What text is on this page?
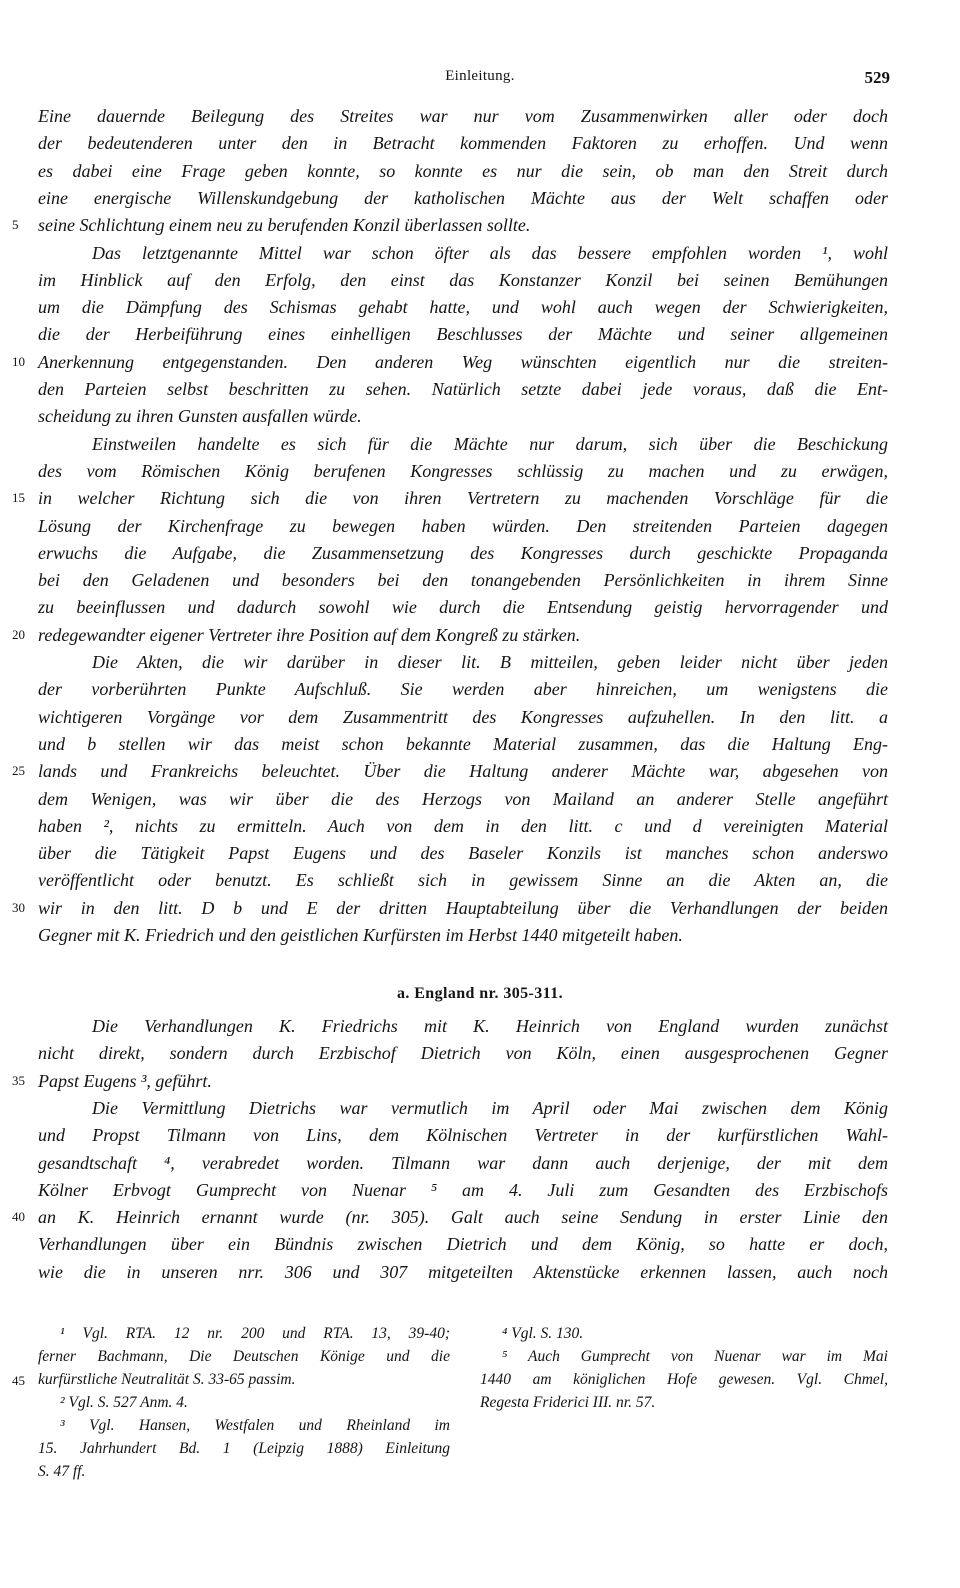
Einleitung.	529
Eine dauernde Beilegung des Streites war nur vom Zusammenwirken aller oder doch
der bedeutenderen unter den in Betracht kommenden Faktoren zu erhoffen. Und wenn
es dabei eine Frage geben konnte, so konnte es nur die sein, ob man den Streit durch
eine energische Willenskundgebung der katholischen Mächte aus der Welt schaffen oder
5	seine Schlichtung einem neu zu berufenden Konzil überlassen sollte.
Das letztgenannte Mittel war schon öfter als das bessere empfohlen worden ¹, wohl
im Hinblick auf den Erfolg, den einst das Konstanzer Konzil bei seinen Bemühungen
um die Dämpfung des Schismas gehabt hatte, und wohl auch wegen der Schwierigkeiten,
die der Herbeiführung eines einhelligen Beschlusses der Mächte und seiner allgemeinen
10 Anerkennung entgegenstanden. Den anderen Weg wünschten eigentlich nur die streiten-
den Parteien selbst beschritten zu sehen. Natürlich setzte dabei jede voraus, daß die Ent-
scheidung zu ihren Gunsten ausfallen würde.
Einstweilen handelte es sich für die Mächte nur darum, sich über die Beschickung
des vom Römischen König berufenen Kongresses schlüssig zu machen und zu erwägen,
15 in welcher Richtung sich die von ihren Vertretern zu machenden Vorschläge für die
Lösung der Kirchenfrage zu bewegen haben würden. Den streitenden Parteien dagegen
erwuchs die Aufgabe, die Zusammensetzung des Kongresses durch geschickte Propaganda
bei den Geladenen und besonders bei den tonangebenden Persönlichkeiten in ihrem Sinne
zu beeinflussen und dadurch sowohl wie durch die Entsendung geistig hervorragender und
20 redegewandter eigener Vertreter ihre Position auf dem Kongreß zu stärken.
Die Akten, die wir darüber in dieser lit. B mitteilen, geben leider nicht über jeden
der vorberührten Punkte Aufschluß. Sie werden aber hinreichen, um wenigstens die
wichtigeren Vorgänge vor dem Zusammentritt des Kongresses aufzuhellen. In den litt. a
und b stellen wir das meist schon bekannte Material zusammen, das die Haltung Eng-
25 lands und Frankreichs beleuchtet. Über die Haltung anderer Mächte war, abgesehen von
dem Wenigen, was wir über die des Herzogs von Mailand an anderer Stelle angeführt
haben ², nichts zu ermitteln. Auch von dem in den litt. c und d vereinigten Material
über die Tätigkeit Papst Eugens und des Baseler Konzils ist manches schon anderswo
veröffentlicht oder benutzt. Es schließt sich in gewissem Sinne an die Akten an, die
30 wir in den litt. D b und E der dritten Hauptabteilung über die Verhandlungen der beiden
Gegner mit K. Friedrich und den geistlichen Kurfürsten im Herbst 1440 mitgeteilt haben.
a. England nr. 305-311.
Die Verhandlungen K. Friedrichs mit K. Heinrich von England wurden zunächst
nicht direkt, sondern durch Erzbischof Dietrich von Köln, einen ausgesprochenen Gegner
35 Papst Eugens ³, geführt.
Die Vermittlung Dietrichs war vermutlich im April oder Mai zwischen dem König
und Propst Tilmann von Lins, dem Kölnischen Vertreter in der kurfürstlichen Wahl-
gesandtschaft ⁴, verabredet worden. Tilmann war dann auch derjenige, der mit dem
Kölner Erbvogt Gumprecht von Nuenar ⁵ am 4. Juli zum Gesandten des Erzbischofs
40 an K. Heinrich ernannt wurde (nr. 305). Galt auch seine Sendung in erster Linie den
Verhandlungen über ein Bündnis zwischen Dietrich und dem König, so hatte er doch,
wie die in unseren nrr. 306 und 307 mitgeteilten Aktenstücke erkennen lassen, auch noch
¹ Vgl. RTA. 12 nr. 200 und RTA. 13, 39-40;
ferner Bachmann, Die Deutschen Könige und die
45 kurfürstliche Neutralität S. 33-65 passim.
² Vgl. S. 527 Anm. 4.
³ Vgl. Hansen, Westfalen und Rheinland im
15. Jahrhundert Bd. 1 (Leipzig 1888) Einleitung
S. 47 ff.
⁴ Vgl. S. 130.
⁵ Auch Gumprecht von Nuenar war im Mai
1440 am königlichen Hofe gewesen. Vgl. Chmel,
Regesta Friderici III. nr. 57.
